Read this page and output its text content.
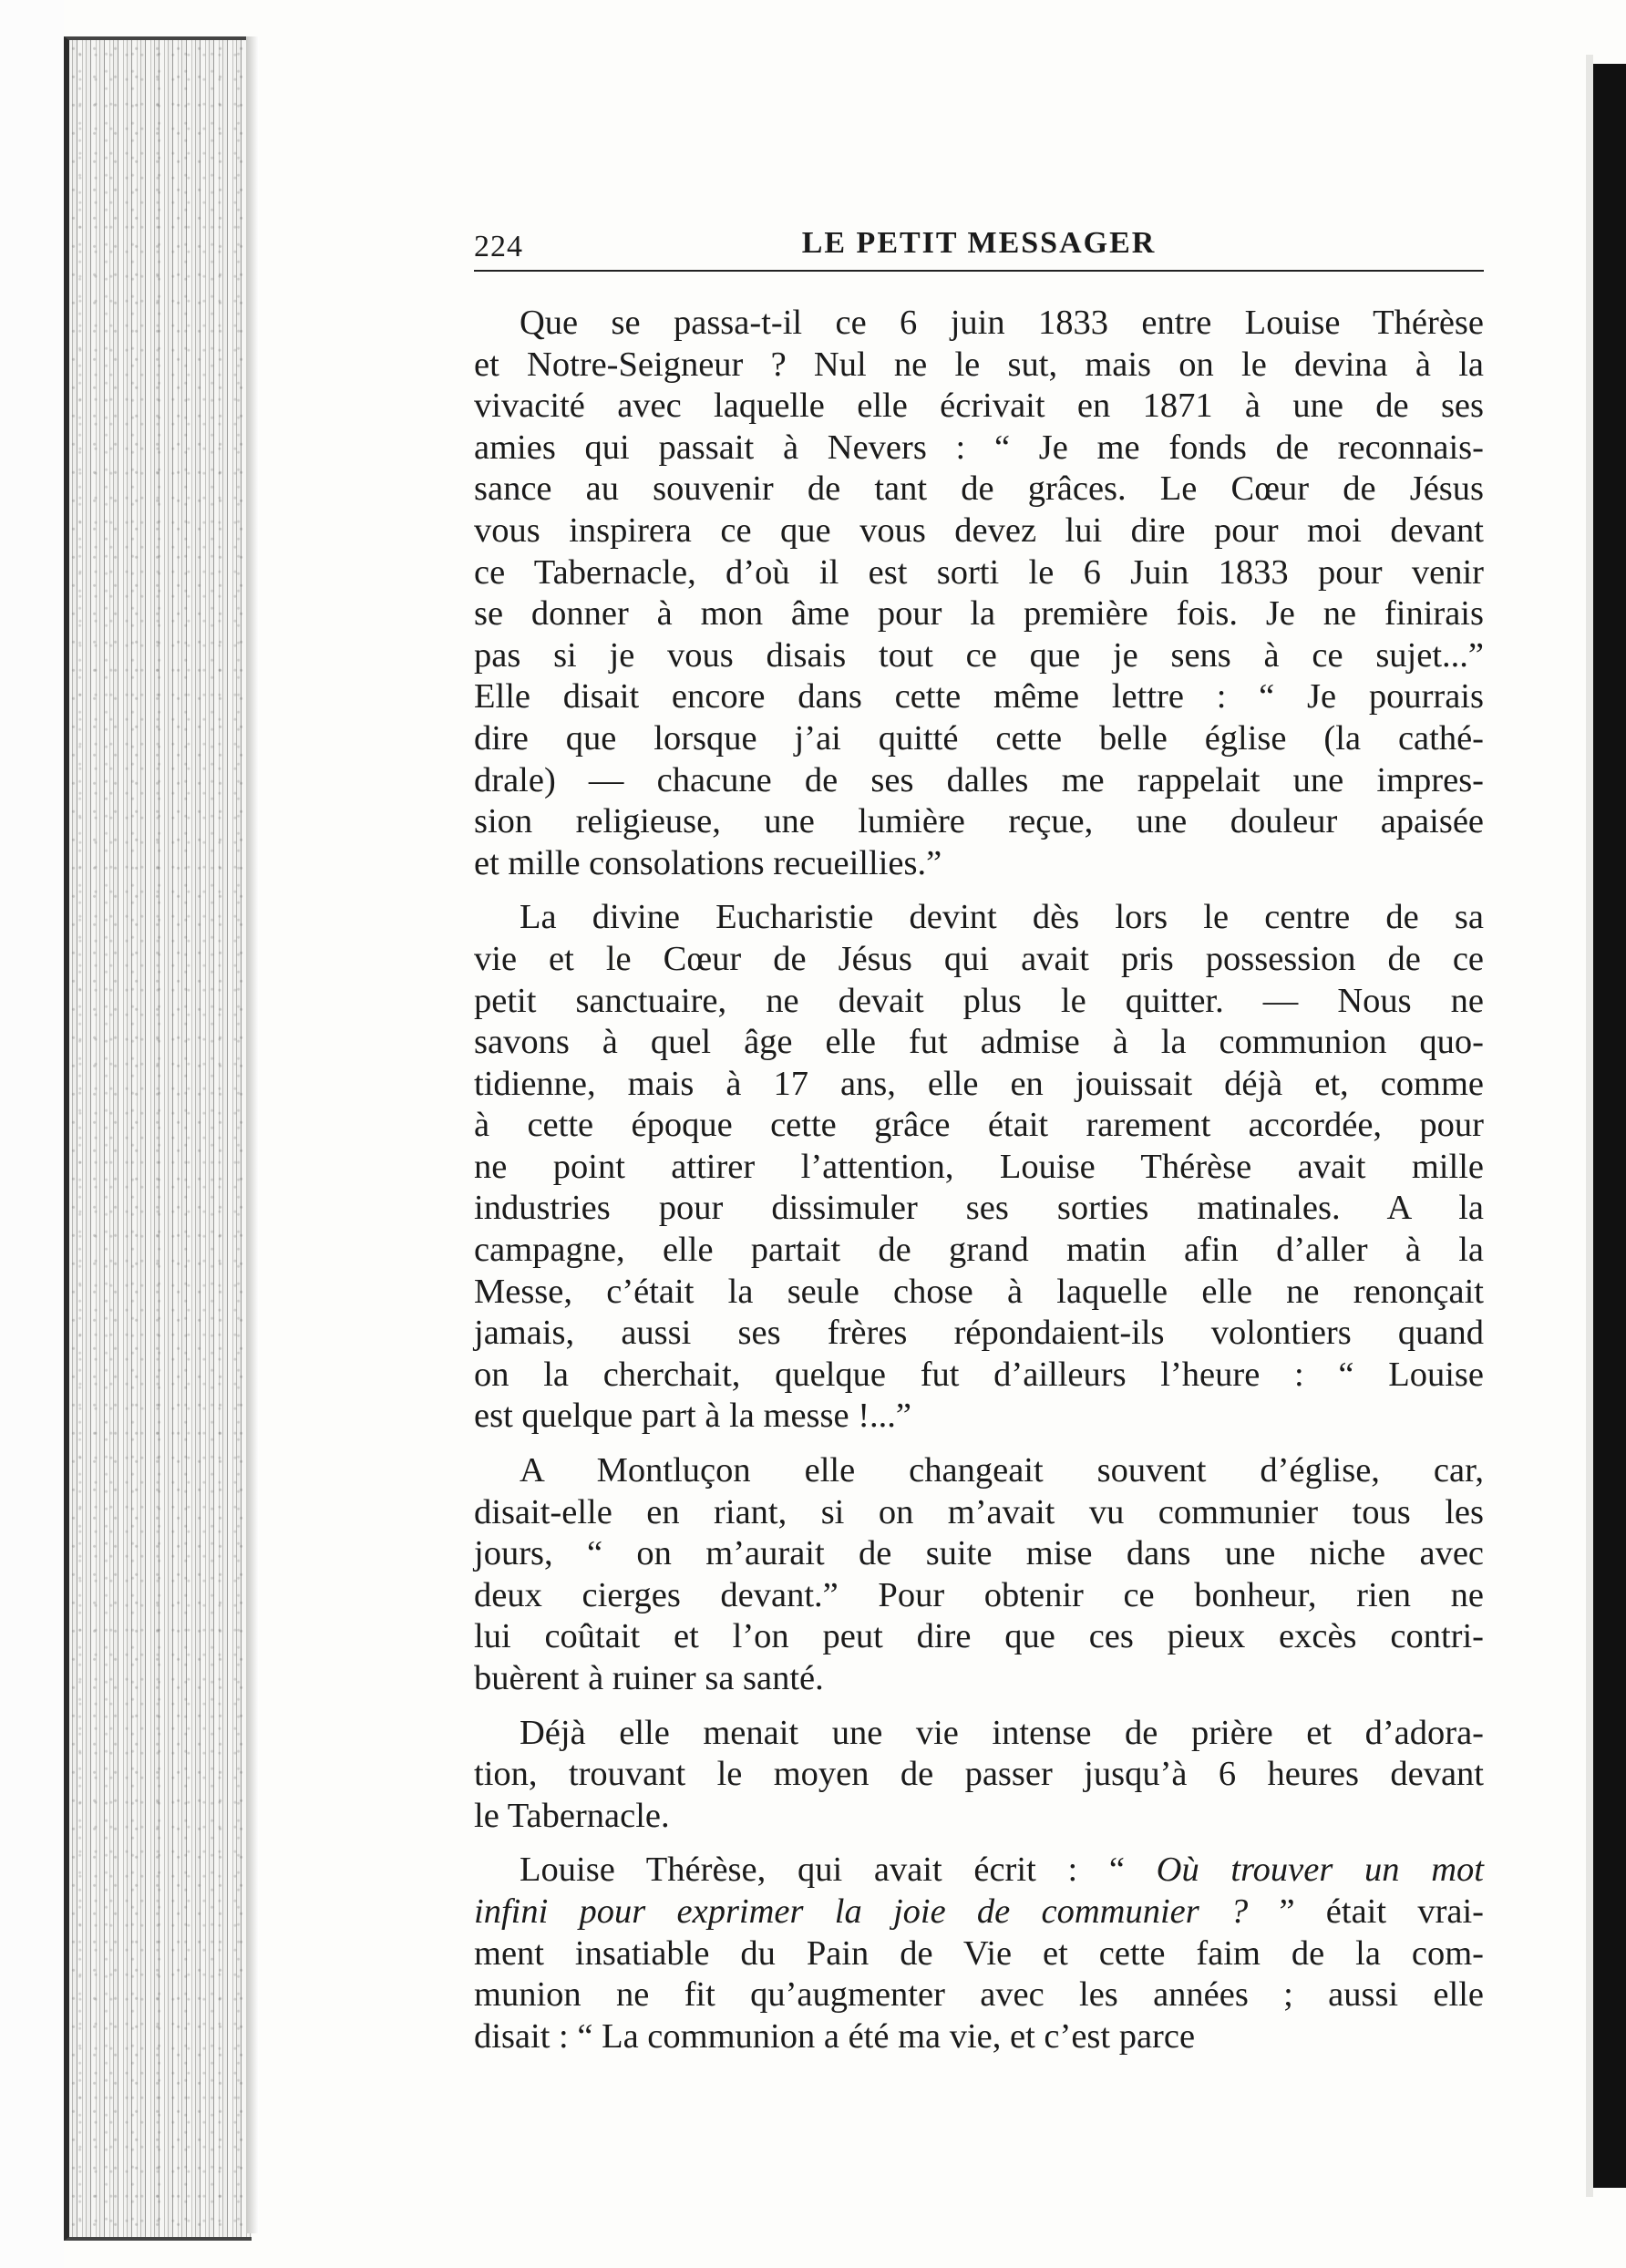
224	LE PETIT MESSAGER
Que se passa-t-il ce 6 juin 1833 entre Louise Thérèse
et Notre-Seigneur ? Nul ne le sut, mais on le devina à la
vivacité avec laquelle elle écrivait en 1871 à une de ses
amies qui passait à Nevers : “ Je me fonds de reconnais-
sance au souvenir de tant de grâces. Le Cœur de Jésus
vous inspirera ce que vous devez lui dire pour moi devant
ce Tabernacle, d’où il est sorti le 6 Juin 1833 pour venir
se donner à mon âme pour la première fois. Je ne finirais
pas si je vous disais tout ce que je sens à ce sujet...”
Elle disait encore dans cette même lettre : “ Je pourrais
dire que lorsque j’ai quitté cette belle église (la cathé-
drale) — chacune de ses dalles me rappelait une impres-
sion religieuse, une lumière reçue, une douleur apaisée
et mille consolations recueillies.”
La divine Eucharistie devint dès lors le centre de sa
vie et le Cœur de Jésus qui avait pris possession de ce
petit sanctuaire, ne devait plus le quitter. — Nous ne
savons à quel âge elle fut admise à la communion quo-
tidienne, mais à 17 ans, elle en jouissait déjà et, comme
à cette époque cette grâce était rarement accordée, pour
ne point attirer l’attention, Louise Thérèse avait mille
industries pour dissimuler ses sorties matinales. A la
campagne, elle partait de grand matin afin d’aller à la
Messe, c’était la seule chose à laquelle elle ne renonçait
jamais, aussi ses frères répondaient-ils volontiers quand
on la cherchait, quelque fut d’ailleurs l’heure : “ Louise
est quelque part à la messe !...”
A Montluçon elle changeait souvent d’église, car,
disait-elle en riant, si on m’avait vu communier tous les
jours, “ on m’aurait de suite mise dans une niche avec
deux cierges devant.” Pour obtenir ce bonheur, rien ne
lui coûtait et l’on peut dire que ces pieux excès contri-
buèrent à ruiner sa santé.
Déjà elle menait une vie intense de prière et d’adora-
tion, trouvant le moyen de passer jusqu’à 6 heures devant
le Tabernacle.
Louise Thérèse, qui avait écrit : “ Où trouver un mot
infini pour exprimer la joie de communier ? ” était vrai-
ment insatiable du Pain de Vie et cette faim de la com-
munion ne fit qu’augmenter avec les années ; aussi elle
disait : “ La communion a été ma vie, et c’est parce
